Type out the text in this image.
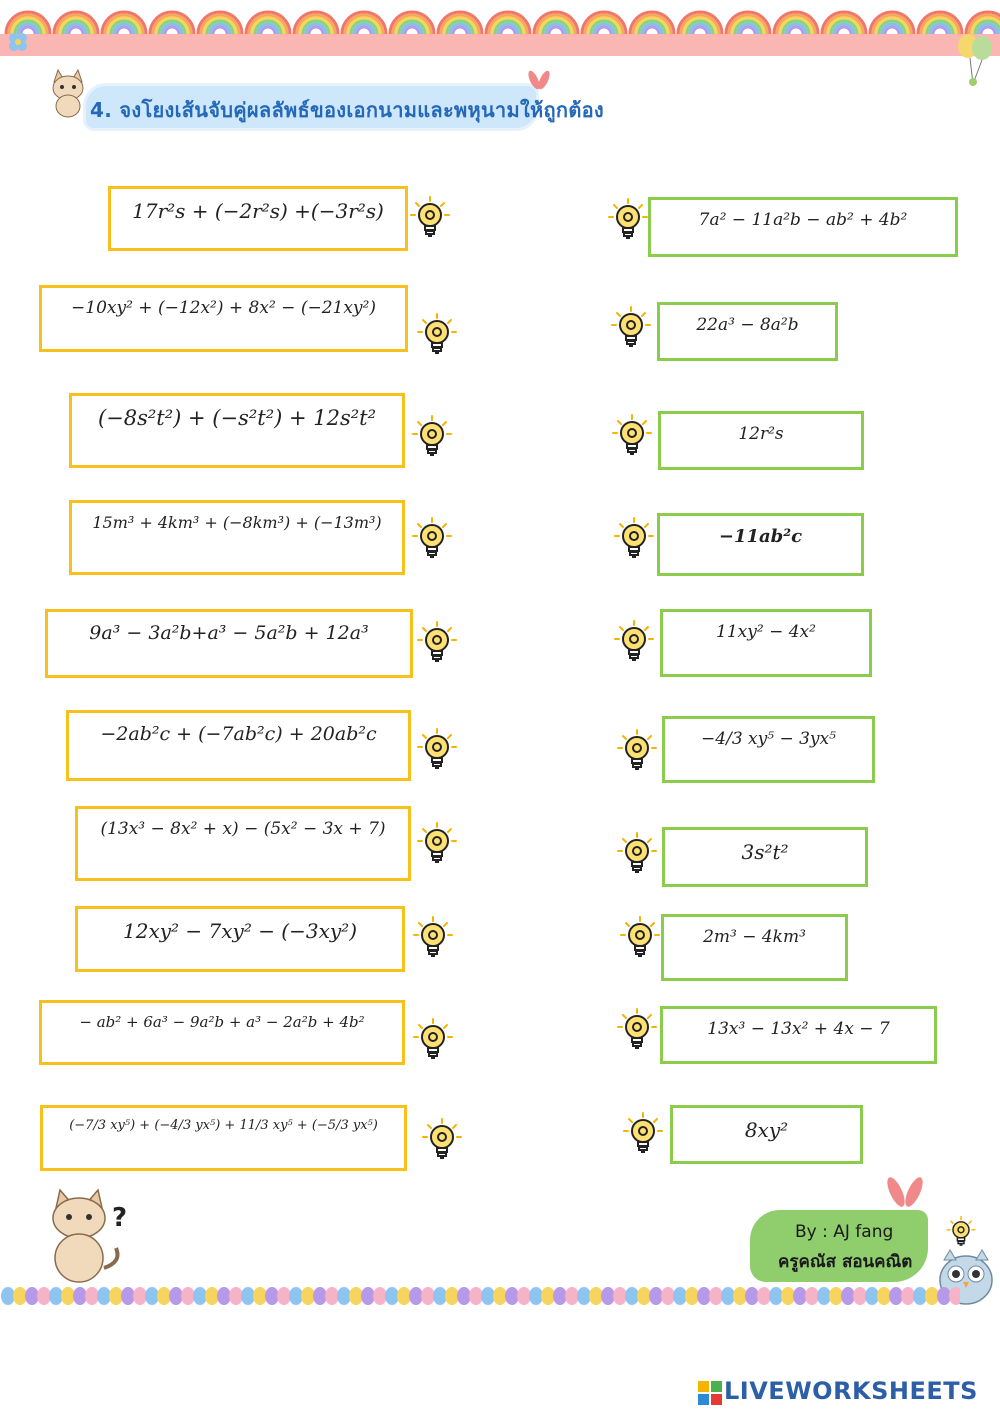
4. จงโยงเส้นจับคู่ผลลัพธ์ของเอกนามและพหุนามให้ถูกต้อง
17r²s + (−2r²s) +(−3r²s)
−10xy² + (−12x²) + 8x² − (−21xy²)
(−8s²t²) + (−s²t²) + 12s²t²
15m³ + 4km³ + (−8km³) + (−13m³)
9a³ − 3a²b+a³ − 5a²b + 12a³
−2ab²c + (−7ab²c) + 20ab²c
(13x³ − 8x² + x) − (5x² − 3x + 7)
12xy² − 7xy² − (−3xy²)
− ab² + 6a³ − 9a²b + a³ − 2a²b + 4b²
(−7/3 xy⁵) + (−4/3 yx⁵) + 11/3 xy⁵ + (−5/3 yx⁵)
7a² − 11a²b − ab² + 4b²
22a³ − 8a²b
12r²s
−11ab²c
11xy² − 4x²
−4/3 xy⁵ − 3yx⁵
3s²t²
2m³ − 4km³
13x³ − 13x² + 4x − 7
8xy²
?	By : AJ fang
ครูคณัส สอนคณิต
LIVEWORKSHEETS
